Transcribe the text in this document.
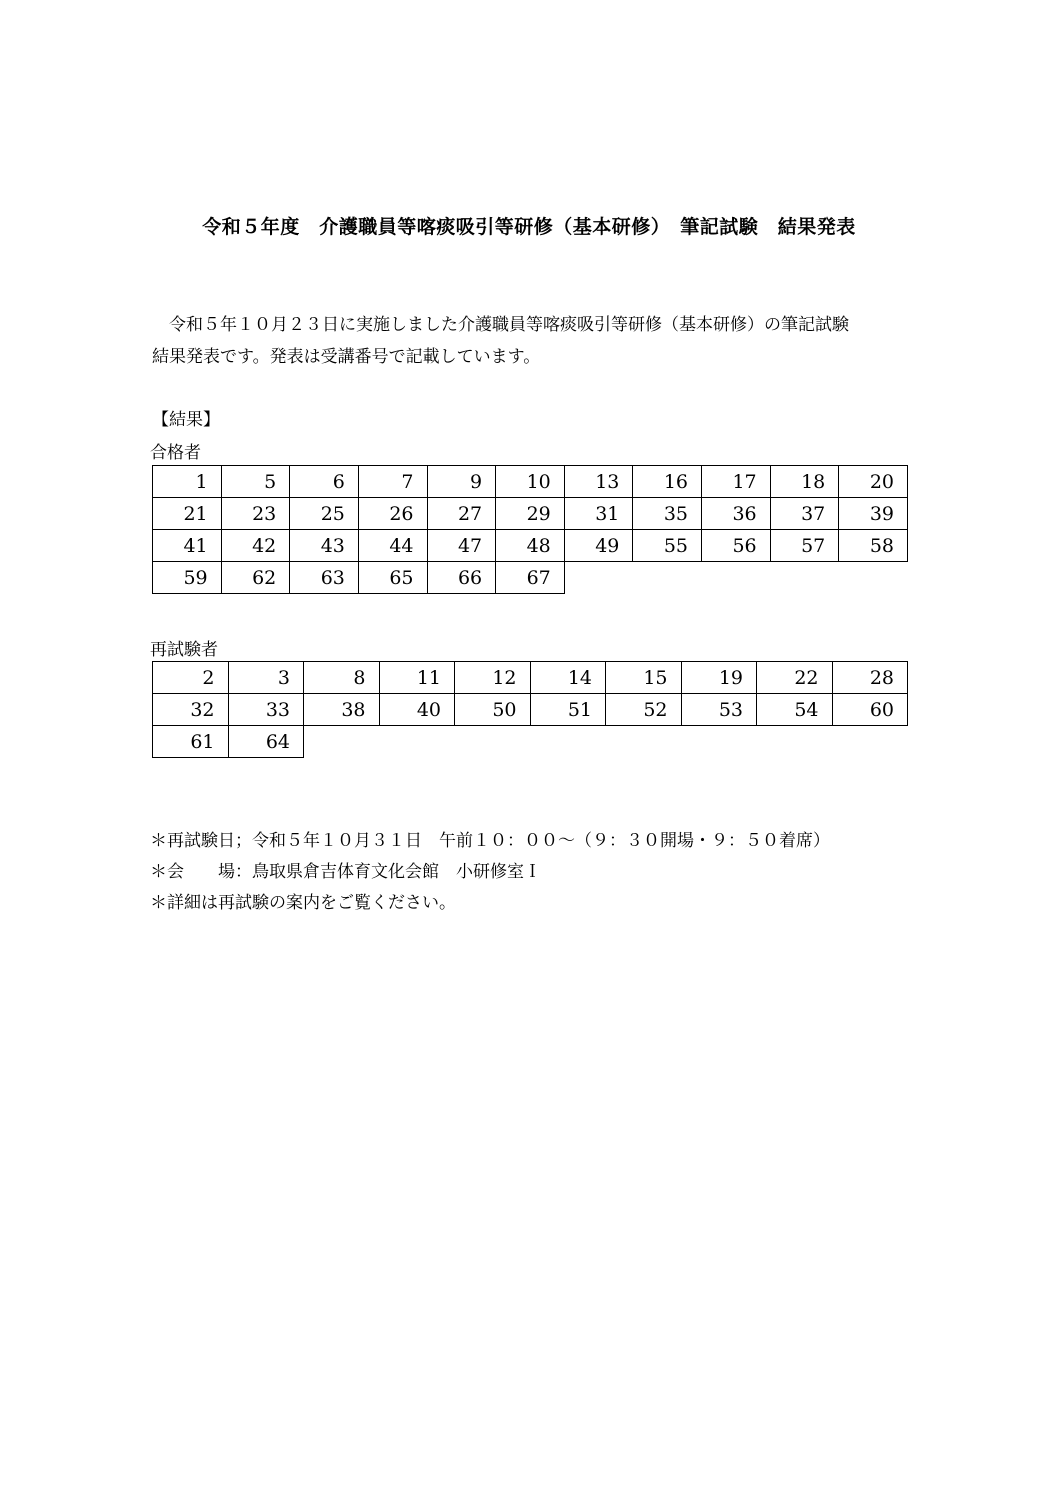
令和５年度　介護職員等喀痰吸引等研修（基本研修）　筆記試験　結果発表

　令和５年１０月２３日に実施しました介護職員等喀痰吸引等研修（基本研修）の筆記試験

結果発表です。発表は受講番号で記載しています。

【結果】
合格者
1	5	6	7	9	10	13	16	17	18	20
21	23	25	26	27	29	31	35	36	37	39
41	42	43	44	47	48	49	55	56	57	58
59	62	63	65	66	67					
再試験者
2	3	8	11	12	14	15	19	22	28
32	33	38	40	50	51	52	53	54	60
61	64								
＊再試験日；令和５年１０月３１日　午前１０：００～（９：３０開場・９：５０着席）
＊会　　場：鳥取県倉吉体育文化会館　小研修室Ｉ
＊詳細は再試験の案内をご覧ください。
